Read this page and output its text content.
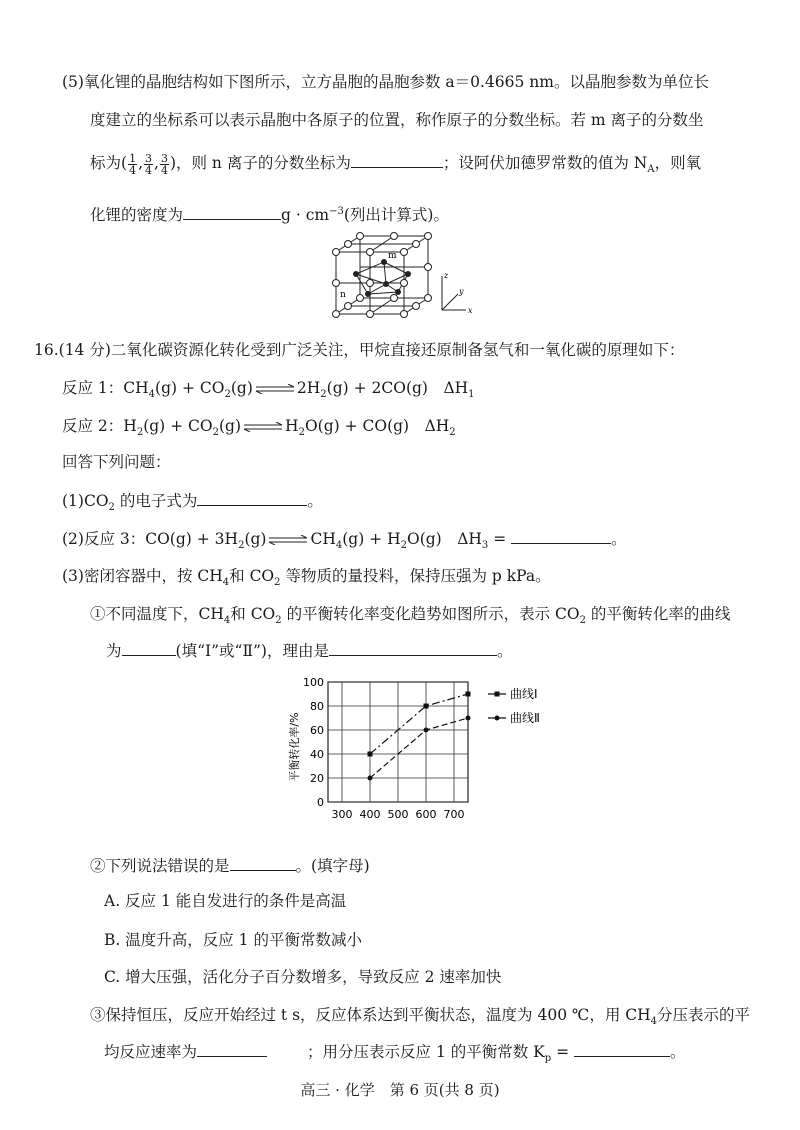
(5)氧化锂的晶胞结构如下图所示，立方晶胞的晶胞参数 a＝0.4665 nm。以晶胞参数为单位长
度建立的坐标系可以表示晶胞中各原子的位置，称作原子的分数坐标。若 m 离子的分数坐
标为( $\frac{1}{4}$ , $\frac{3}{4}$ , $\frac{3}{4}$ )，则 n 离子的分数坐标为	；设阿伏加德罗常数的值为 $N_A$，则氧
化锂的密度为	$g \cdot cm^{-3}$(列出计算式)。
m
n
z
y
x
16.(14 分)二氧化碳资源化转化受到广泛关注，甲烷直接还原制备氢气和一氧化碳的原理如下：
反应 1：$CH_4(g) + CO_2(g)$ ⇌ $2H_2(g) + 2CO(g)$　$\Delta H_1$
反应 2：$H_2(g) + CO_2(g)$ ⇌ $H_2O(g) + CO(g)$　$\Delta H_2$
回答下列问题：
$(1)CO_2$ 的电子式为	。
(2)反应 3：$CO(g) + 3H_2(g)$ ⇌ $CH_4(g) + H_2O(g)$　$\Delta H_3$ =	。
(3)密闭容器中，按 $CH_4$和 $CO_2$ 等物质的量投料，保持压强为 p kPa。
①不同温度下，$CH_4$和 $CO_2$ 的平衡转化率变化趋势如图所示，表示 $CO_2$ 的平衡转化率的曲线
为	(填“Ⅰ”或“Ⅱ”)，理由是	。
平衡转化率/%
0
20
40
60
80
100
300 400 500 600 700
曲线Ⅰ
曲线Ⅱ
②下列说法错误的是	。(填字母)
A. 反应 1 能自发进行的条件是高温
B. 温度升高，反应 1 的平衡常数减小
C. 增大压强，活化分子百分数增多，导致反应 2 速率加快
③保持恒压，反应开始经过 t s，反应体系达到平衡状态，温度为 400 ℃，用 $CH_4$分压表示的平
均反应速率为	；用分压表示反应 1 的平衡常数 $K_p$ =	。
高三 · 化学　第 6 页(共 8 页)
